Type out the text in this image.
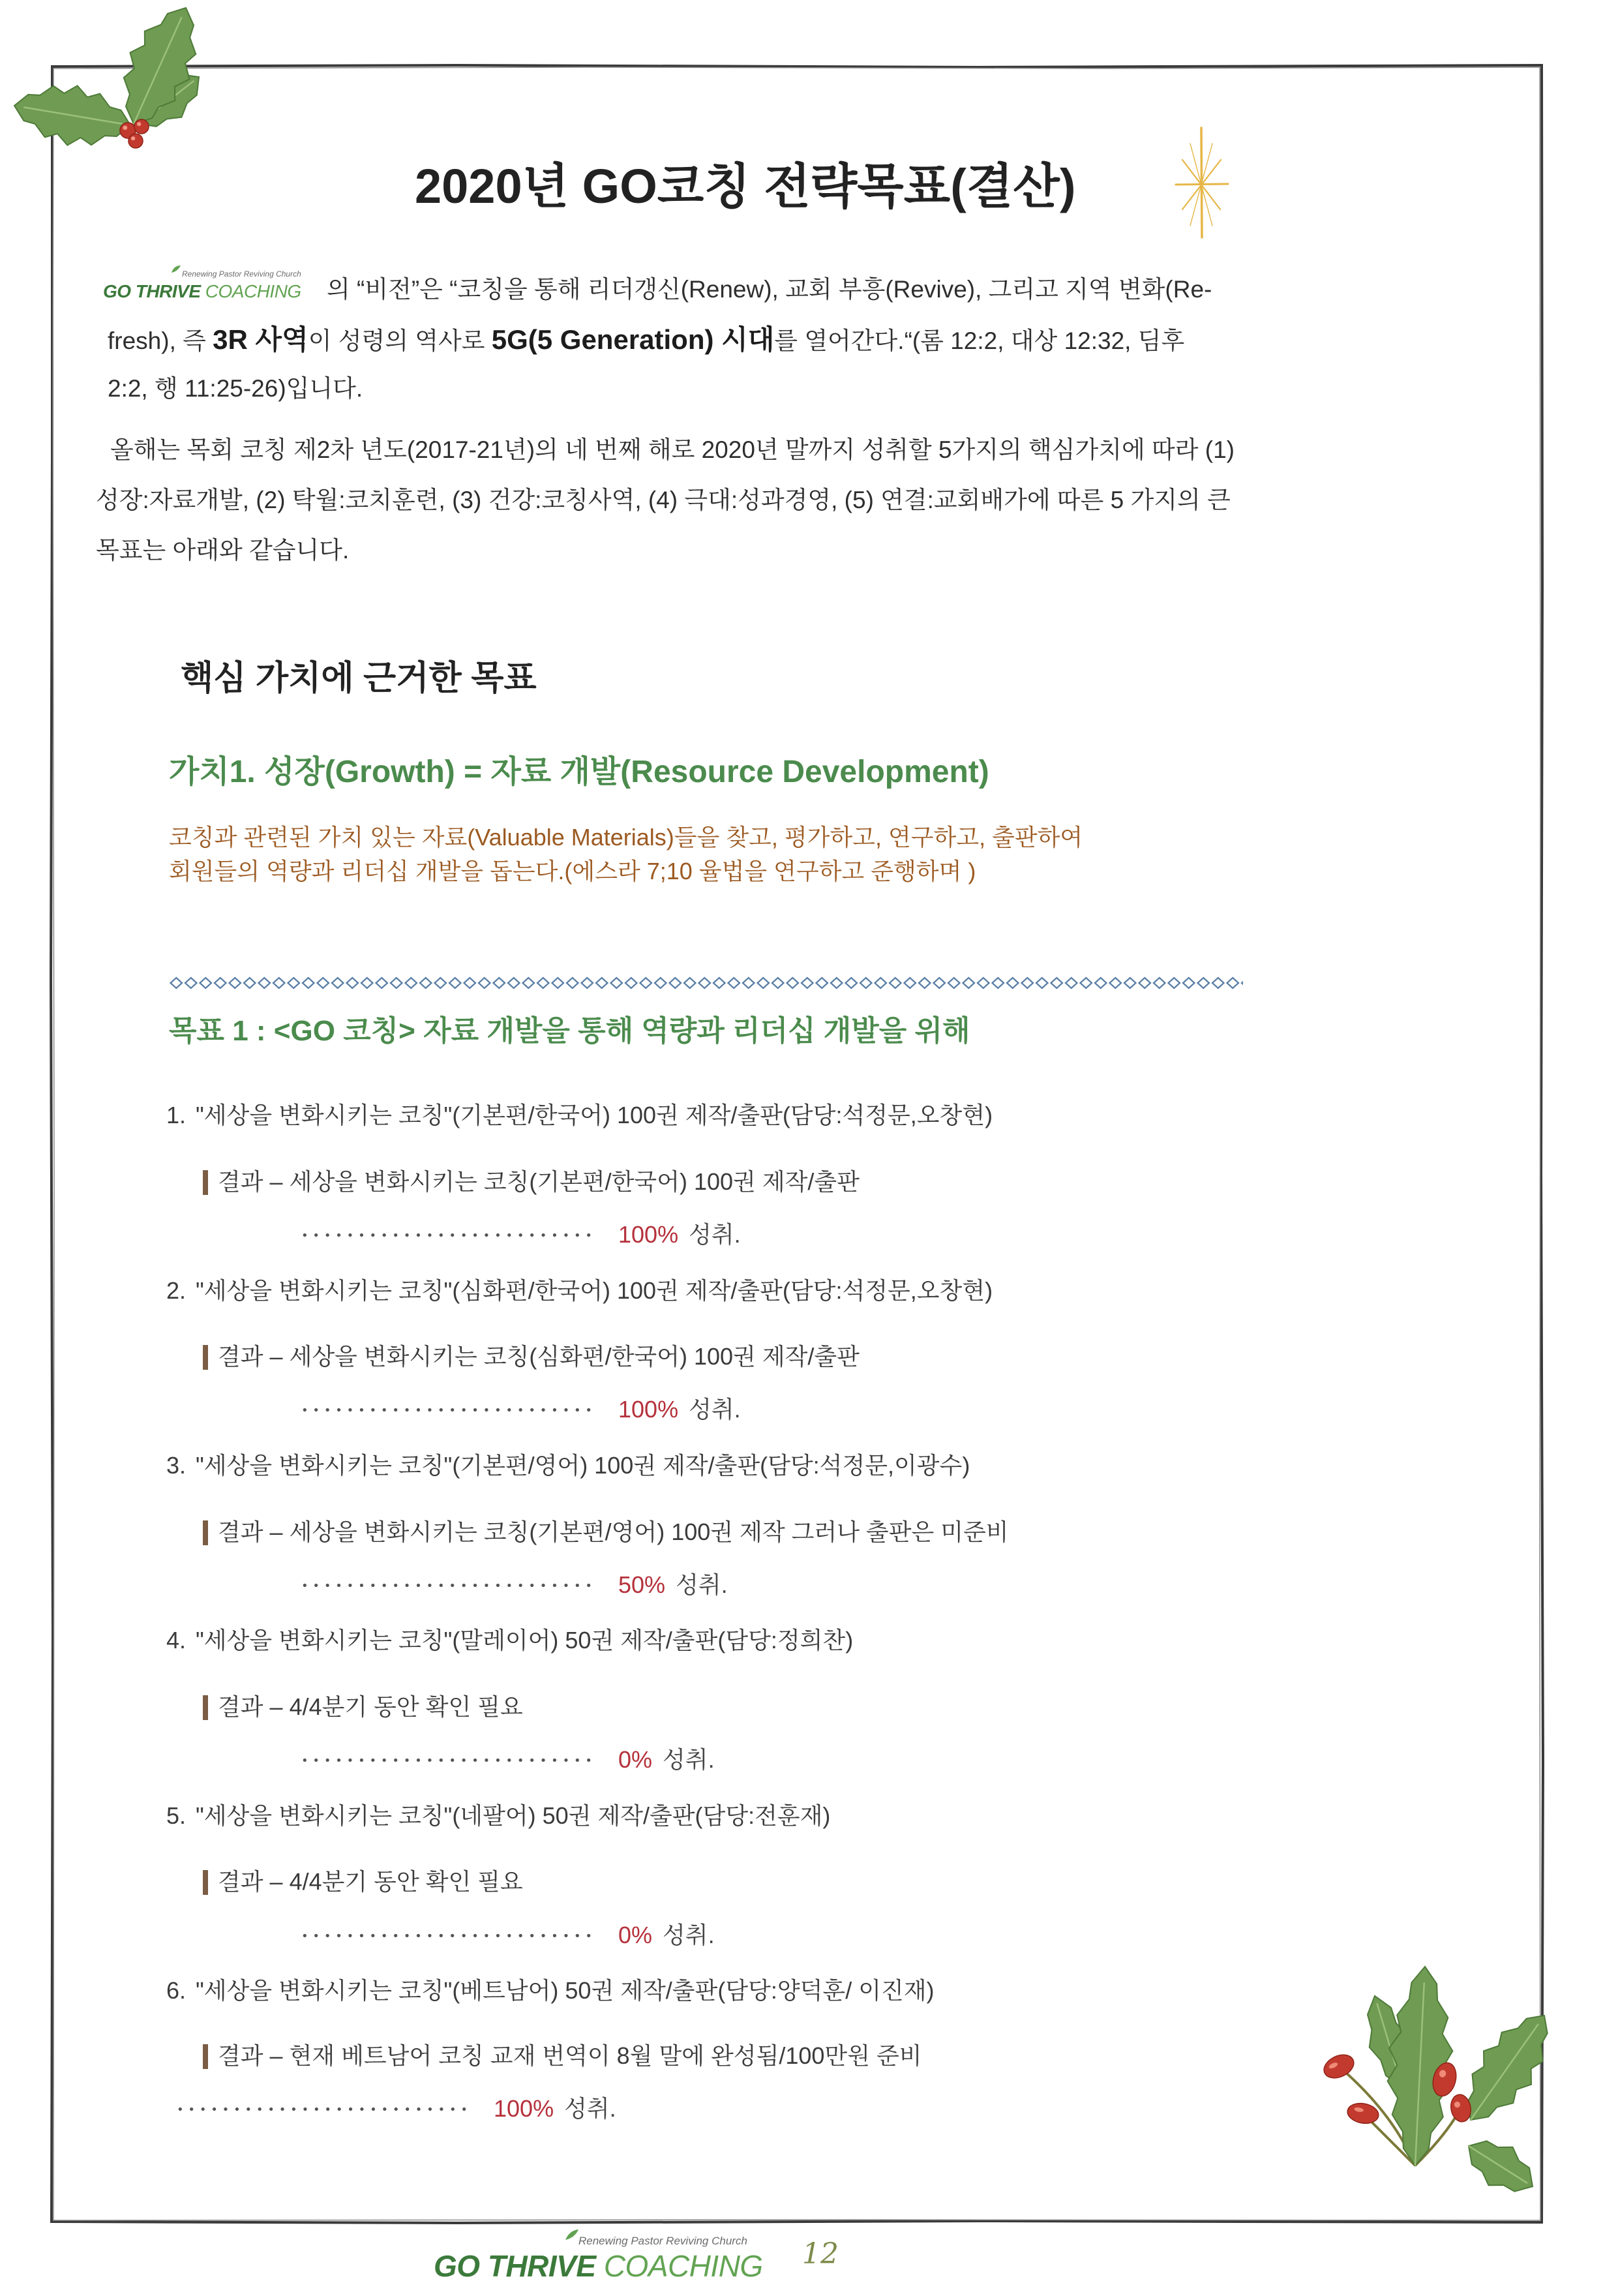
2020년 GO코칭 전략목표(결산)
Renewing Pastor Reviving Church
GO THRIVE COACHING 의 “비전”은 “코칭을 통해 리더갱신(Renew), 교회 부흥(Revive), 그리고 지역 변화(Re-
fresh), 즉 3R 사역이 성령의 역사로 5G(5 Generation) 시대를 열어간다.“(롬 12:2, 대상 12:32, 딤후
2:2, 행 11:25-26)입니다.
올해는 목회 코칭 제2차 년도(2017-21년)의 네 번째 해로 2020년 말까지 성취할 5가지의 핵심가치에 따라 (1)
성장:자료개발, (2) 탁월:코치훈련, (3) 건강:코칭사역, (4) 극대:성과경영, (5) 연결:교회배가에 따른 5 가지의 큰
목표는 아래와 같습니다.
핵심 가치에 근거한 목표
가치1. 성장(Growth) = 자료 개발(Resource Development)
코칭과 관련된 가치 있는 자료(Valuable Materials)들을 찾고, 평가하고, 연구하고, 출판하여
회원들의 역량과 리더십 개발을 돕는다.(에스라 7;10 율법을 연구하고 준행하며 )
목표 1 : <GO 코칭> 자료 개발을 통해 역량과 리더십 개발을 위해
1. "세상을 변화시키는 코칭"(기본편/한국어) 100권 제작/출판(담당:석정문,오창현)
결과 – 세상을 변화시키는 코칭(기본편/한국어) 100권 제작/출판
•••••••••••••••••••••••••• 100% 성취.
2. "세상을 변화시키는 코칭"(심화편/한국어) 100권 제작/출판(담당:석정문,오창현)
결과 – 세상을 변화시키는 코칭(심화편/한국어) 100권 제작/출판
•••••••••••••••••••••••••• 100% 성취.
3. "세상을 변화시키는 코칭"(기본편/영어) 100권 제작/출판(담당:석정문,이광수)
결과 – 세상을 변화시키는 코칭(기본편/영어) 100권 제작 그러나 출판은 미준비
•••••••••••••••••••••••••• 50% 성취.
4. "세상을 변화시키는 코칭"(말레이어) 50권 제작/출판(담당:정희찬)
결과 – 4/4분기 동안 확인 필요
•••••••••••••••••••••••••• 0% 성취.
5. "세상을 변화시키는 코칭"(네팔어) 50권 제작/출판(담당:전훈재)
결과 – 4/4분기 동안 확인 필요
•••••••••••••••••••••••••• 0% 성취.
6. "세상을 변화시키는 코칭"(베트남어) 50권 제작/출판(담당:양덕훈/ 이진재)
결과 – 현재 베트남어 코칭 교재 번역이 8월 말에 완성됨/100만원 준비
•••••••••••••••••••••••••• 100% 성취.
Renewing Pastor Reviving Church
GO THRIVE COACHING 12
